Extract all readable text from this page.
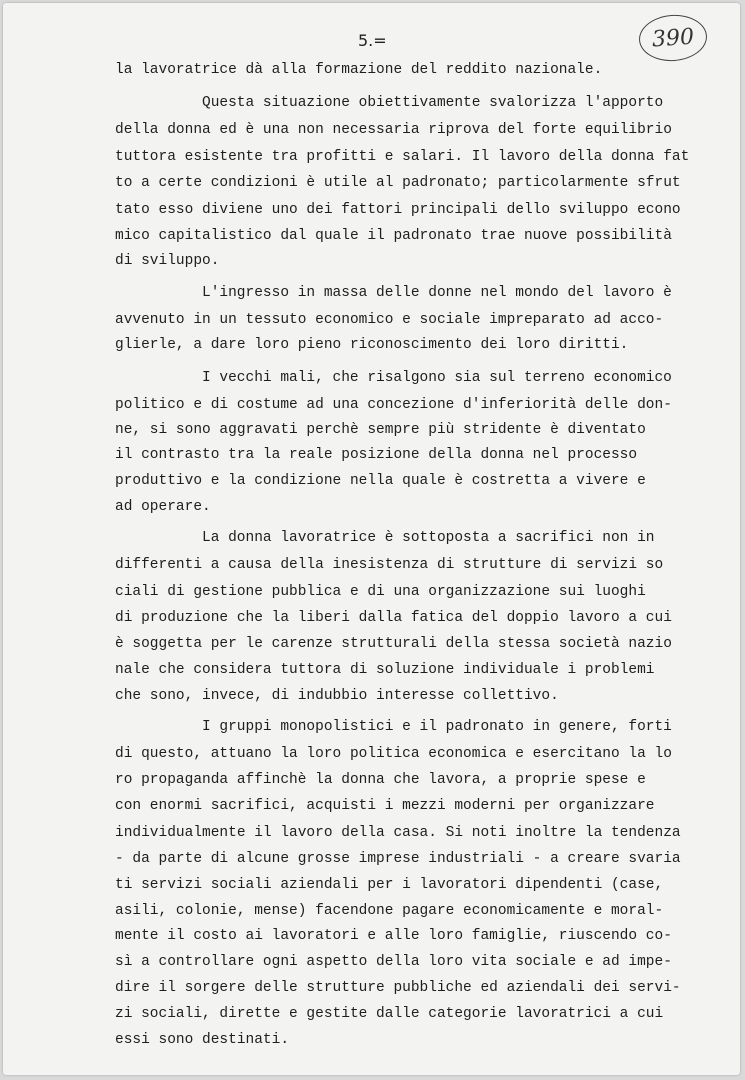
5.=	390
la lavoratrice dà alla formazione del reddito nazionale.
Questa situazione obiettivamente svalorizza l'apporto
della donna ed è una non necessaria riprova del forte equilibrio
tuttora esistente tra profitti e salari. Il lavoro della donna fat
to a certe condizioni è utile al padronato; particolarmente sfrut
tato esso diviene uno dei fattori principali dello sviluppo econo
mico capitalistico dal quale il padronato trae nuove possibilità
di sviluppo.
L'ingresso in massa delle donne nel mondo del lavoro è
avvenuto in un tessuto economico e sociale impreparato ad acco-
glierle, a dare loro pieno riconoscimento dei loro diritti.
I vecchi mali, che risalgono sia sul terreno economico
politico e di costume ad una concezione d'inferiorità delle don-
ne, si sono aggravati perchè sempre più stridente è diventato
il contrasto tra la reale posizione della donna nel processo
produttivo e la condizione nella quale è costretta a vivere e
ad operare.
La donna lavoratrice è sottoposta a sacrifici non in
differenti a causa della inesistenza di strutture di servizi so
ciali di gestione pubblica e di una organizzazione sui luoghi
di produzione che la liberi dalla fatica del doppio lavoro a cui
è soggetta per le carenze strutturali della stessa società nazio
nale che considera tuttora di soluzione individuale i problemi
che sono, invece, di indubbio interesse collettivo.
I gruppi monopolistici e il padronato in genere, forti
di questo, attuano la loro politica economica e esercitano la lo
ro propaganda affinchè la donna che lavora, a proprie spese e
con enormi sacrifici, acquisti i mezzi moderni per organizzare
individualmente il lavoro della casa. Si noti inoltre la tendenza
- da parte di alcune grosse imprese industriali - a creare svaria
ti servizi sociali aziendali per i lavoratori dipendenti (case,
asili, colonie, mense) facendone pagare economicamente e moral-
mente il costo ai lavoratori e alle loro famiglie, riuscendo co-
sì a controllare ogni aspetto della loro vita sociale e ad impe-
dire il sorgere delle strutture pubbliche ed aziendali dei servi-
zi sociali, dirette e gestite dalle categorie lavoratrici a cui
essi sono destinati.
